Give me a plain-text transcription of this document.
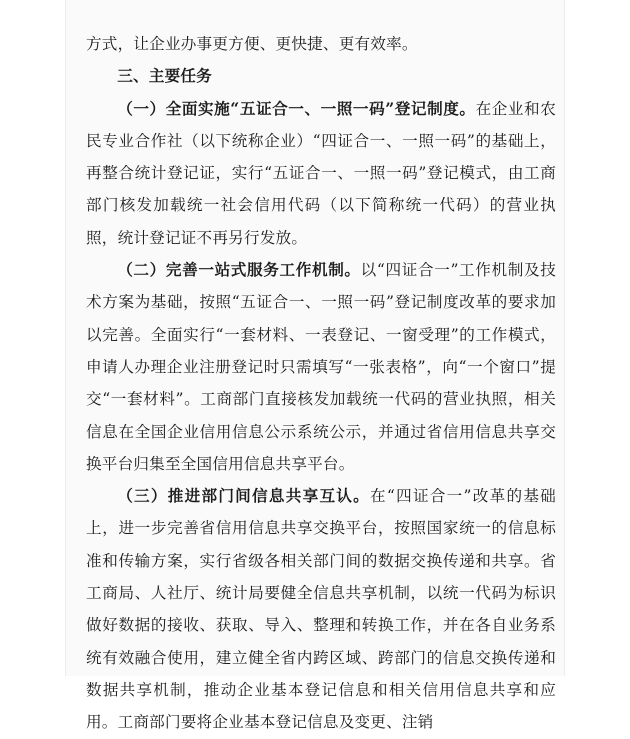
方式，让企业办事更方便、更快捷、更有效率。

三、主要任务

（一）全面实施“五证合一、一照一码”登记制度。在企业和农民专业合作社（以下统称企业）“四证合一、一照一码”的基础上，再整合统计登记证，实行“五证合一、一照一码”登记模式，由工商部门核发加载统一社会信用代码（以下简称统一代码）的营业执照，统计登记证不再另行发放。

（二）完善一站式服务工作机制。以“四证合一”工作机制及技术方案为基础，按照“五证合一、一照一码”登记制度改革的要求加以完善。全面实行“一套材料、一表登记、一窗受理”的工作模式，申请人办理企业注册登记时只需填写“一张表格”，向“一个窗口”提交“一套材料”。工商部门直接核发加载统一代码的营业执照，相关信息在全国企业信用信息公示系统公示，并通过省信用信息共享交换平台归集至全国信用信息共享平台。

（三）推进部门间信息共享互认。在“四证合一”改革的基础上，进一步完善省信用信息共享交换平台，按照国家统一的信息标准和传输方案，实行省级各相关部门间的数据交换传递和共享。省工商局、人社厅、统计局要健全信息共享机制，以统一代码为标识做好数据的接收、获取、导入、整理和转换工作，并在各自业务系统有效融合使用，建立健全省内跨区域、跨部门的信息交换传递和数据共享机制，推动企业基本登记信息和相关信用信息共享和应用。工商部门要将企业基本登记信息及变更、注销
